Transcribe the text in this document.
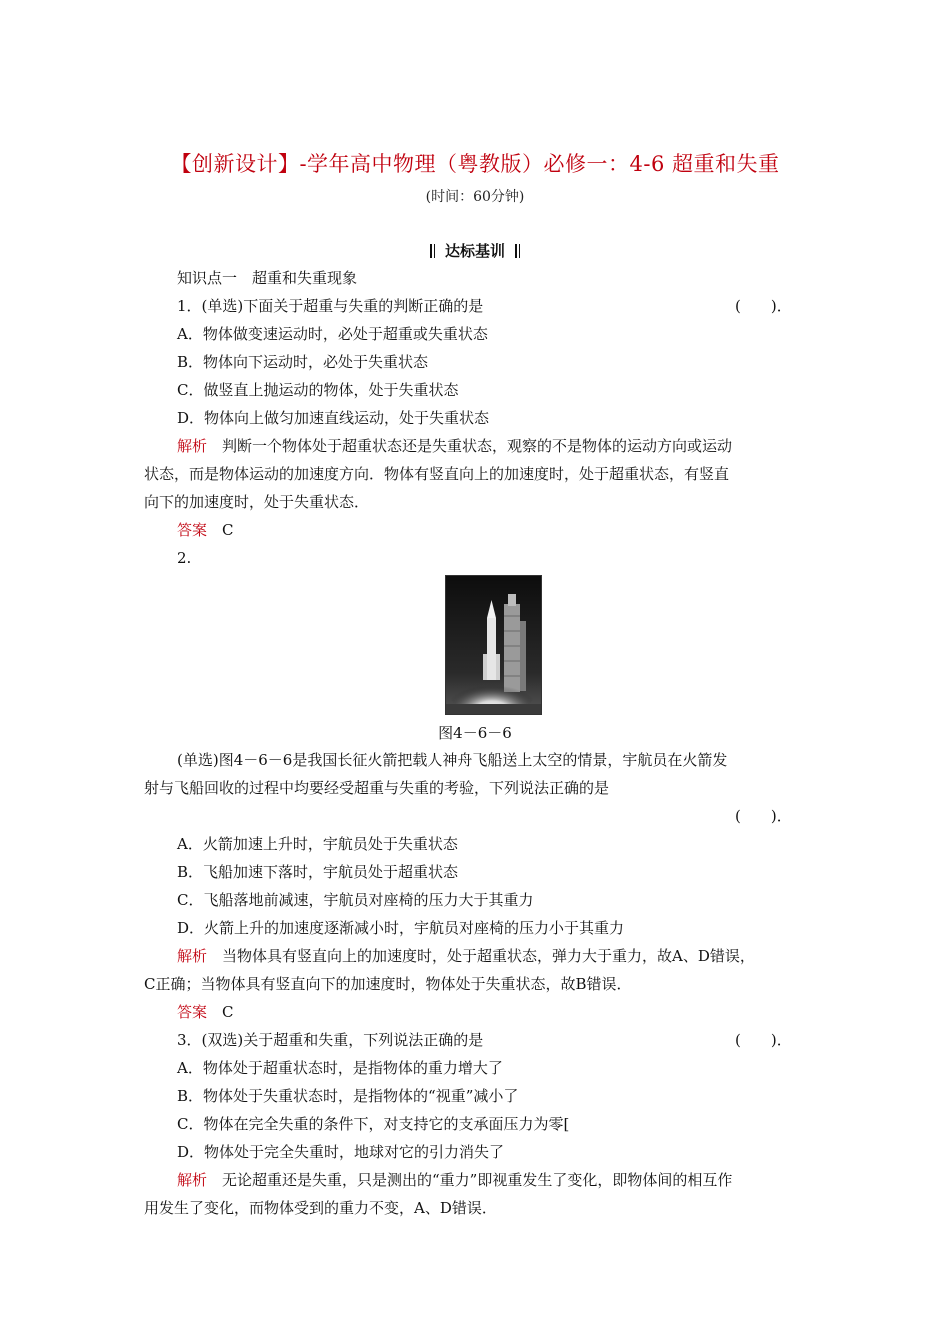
【创新设计】-学年高中物理（粤教版）必修一：4-6 超重和失重
(时间：60分钟)
达标基训
知识点一　超重和失重现象
1．(单选)下面关于超重与失重的判断正确的是	(　　)．
A．物体做变速运动时，必处于超重或失重状态
B．物体向下运动时，必处于失重状态
C．做竖直上抛运动的物体，处于失重状态
D．物体向上做匀加速直线运动，处于失重状态
解析　判断一个物体处于超重状态还是失重状态，观察的不是物体的运动方向或运动
状态，而是物体运动的加速度方向．物体有竖直向上的加速度时，处于超重状态，有竖直
向下的加速度时，处于失重状态．
答案　C
2.
图4－6－6
(单选)图4－6－6是我国长征火箭把载人神舟飞船送上太空的情景，宇航员在火箭发
射与飞船回收的过程中均要经受超重与失重的考验，下列说法正确的是
(　　)．
A．火箭加速上升时，宇航员处于失重状态
B．飞船加速下落时，宇航员处于超重状态
C．飞船落地前减速，宇航员对座椅的压力大于其重力
D．火箭上升的加速度逐渐减小时，宇航员对座椅的压力小于其重力
解析　当物体具有竖直向上的加速度时，处于超重状态，弹力大于重力，故A、D错误，
C正确；当物体具有竖直向下的加速度时，物体处于失重状态，故B错误．
答案　C
3．(双选)关于超重和失重，下列说法正确的是	(　　)．
A．物体处于超重状态时，是指物体的重力增大了
B．物体处于失重状态时，是指物体的“视重”减小了
C．物体在完全失重的条件下，对支持它的支承面压力为零[
D．物体处于完全失重时，地球对它的引力消失了
解析　无论超重还是失重，只是测出的“重力”即视重发生了变化，即物体间的相互作
用发生了变化，而物体受到的重力不变，A、D错误．
